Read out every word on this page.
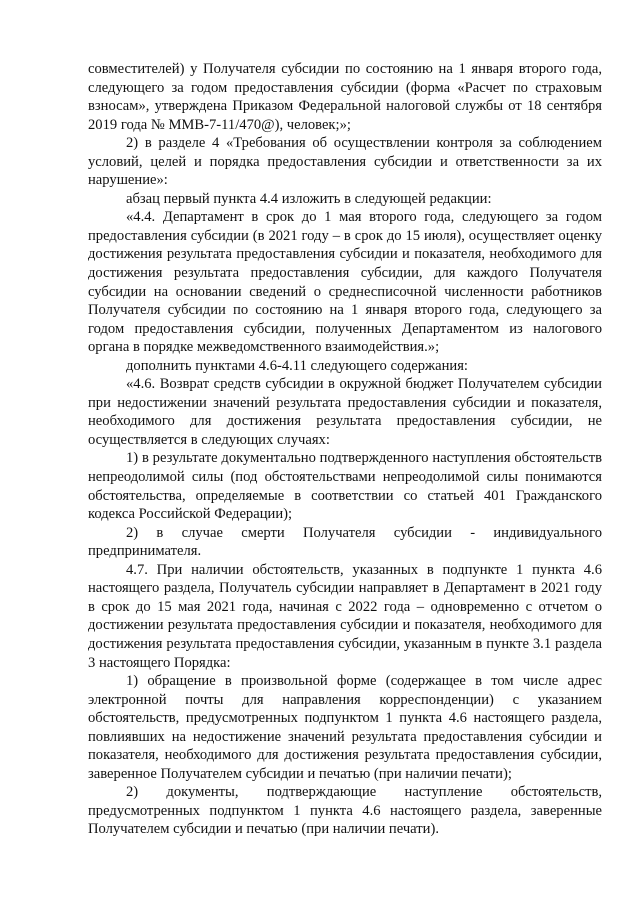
совместителей) у Получателя субсидии по состоянию на 1 января второго года, следующего за годом предоставления субсидии (форма «Расчет по страховым взносам», утверждена Приказом Федеральной налоговой службы от 18 сентября 2019 года № ММВ-7-11/470@), человек;»;

2) в разделе 4 «Требования об осуществлении контроля за соблюдением условий, целей и порядка предоставления субсидии и ответственности за их нарушение»:

абзац первый пункта 4.4 изложить в следующей редакции:

«4.4. Департамент в срок до 1 мая второго года, следующего за годом предоставления субсидии (в 2021 году – в срок до 15 июля), осуществляет оценку достижения результата предоставления субсидии и показателя, необходимого для достижения результата предоставления субсидии, для каждого Получателя субсидии на основании сведений о среднесписочной численности работников Получателя субсидии по состоянию на 1 января второго года, следующего за годом предоставления субсидии, полученных Департаментом из налогового органа в порядке межведомственного взаимодействия.»;

дополнить пунктами 4.6-4.11 следующего содержания:

«4.6. Возврат средств субсидии в окружной бюджет Получателем субсидии при недостижении значений результата предоставления субсидии и показателя, необходимого для достижения результата предоставления субсидии, не осуществляется в следующих случаях:

1) в результате документально подтвержденного наступления обстоятельств непреодолимой силы (под обстоятельствами непреодолимой силы понимаются обстоятельства, определяемые в соответствии со статьей 401 Гражданского кодекса Российской Федерации);

2) в случае смерти Получателя субсидии - индивидуального предпринимателя.

4.7. При наличии обстоятельств, указанных в подпункте 1 пункта 4.6 настоящего раздела, Получатель субсидии направляет в Департамент в 2021 году в срок до 15 мая 2021 года, начиная с 2022 года – одновременно с отчетом о достижении результата предоставления субсидии и показателя, необходимого для достижения результата предоставления субсидии, указанным в пункте 3.1 раздела 3 настоящего Порядка:

1) обращение в произвольной форме (содержащее в том числе адрес электронной почты для направления корреспонденции) с указанием обстоятельств, предусмотренных подпунктом 1 пункта 4.6 настоящего раздела, повлиявших на недостижение значений результата предоставления субсидии и показателя, необходимого для достижения результата предоставления субсидии, заверенное Получателем субсидии и печатью (при наличии печати);

2) документы, подтверждающие наступление обстоятельств, предусмотренных подпунктом 1 пункта 4.6 настоящего раздела, заверенные Получателем субсидии и печатью (при наличии печати).
